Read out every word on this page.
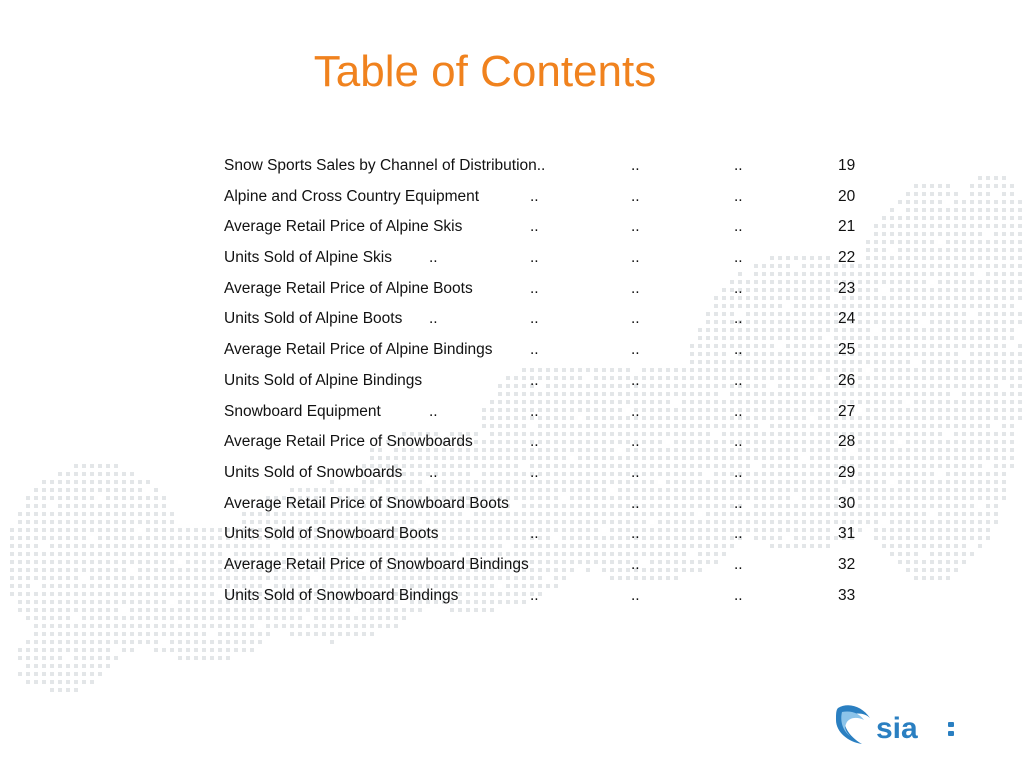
Table of Contents
Snow Sports Sales by Channel of Distribution..	..	..	19
Alpine and Cross Country Equipment	..	..	..	20
Average Retail Price of Alpine Skis	..	..	..	21
Units Sold of Alpine Skis ..	..	..	..	22
Average Retail Price of Alpine Boots	..	..	..	23
Units Sold of Alpine Boots ..	..	..	..	24
Average Retail Price of Alpine Bindings ..	..	..	25
Units Sold of Alpine Bindings	..	..	..	26
Snowboard Equipment	..	..	..	..	27
Average Retail Price of Snowboards	..	..	..	28
Units Sold of Snowboards ..	..	..	..	29
Average Retail Price of Snowboard Boots	..	..	30
Units Sold of Snowboard Boots	..	..	..	31
Average Retail Price of Snowboard Bindings	..	..	32
Units Sold of Snowboard Bindings	..	..	..	33
sia
